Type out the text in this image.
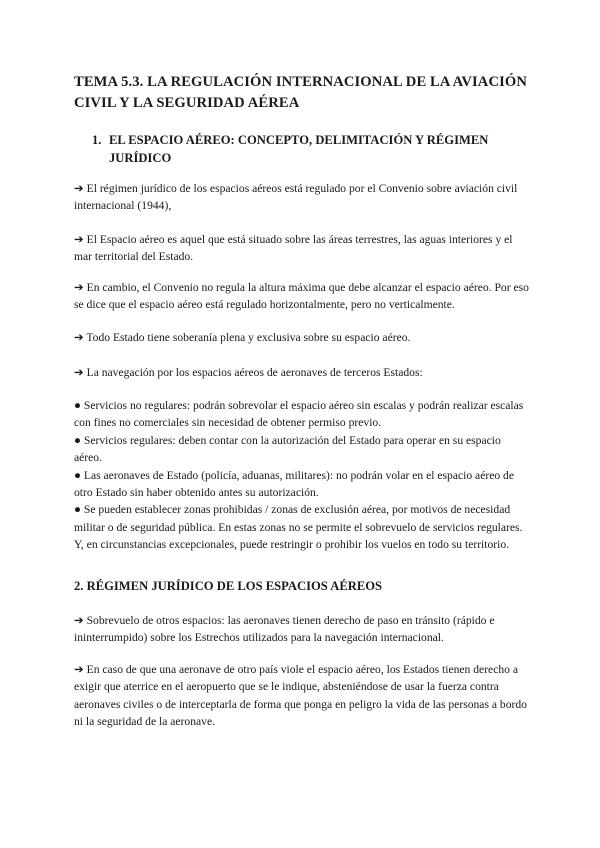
TEMA 5.3. LA REGULACIÓN INTERNACIONAL DE LA AVIACIÓN CIVIL Y LA SEGURIDAD AÉREA
1. EL ESPACIO AÉREO: CONCEPTO, DELIMITACIÓN Y RÉGIMEN JURÍDICO
➔ El régimen jurídico de los espacios aéreos está regulado por el Convenio sobre aviación civil internacional (1944),
➔ El Espacio aéreo es aquel que está situado sobre las áreas terrestres, las aguas interiores y el mar territorial del Estado.
➔ En cambio, el Convenio no regula la altura máxima que debe alcanzar el espacio aéreo. Por eso se dice que el espacio aéreo está regulado horizontalmente, pero no verticalmente.
➔ Todo Estado tiene soberanía plena y exclusiva sobre su espacio aéreo.
➔ La navegación por los espacios aéreos de aeronaves de terceros Estados:
● Servicios no regulares: podrán sobrevolar el espacio aéreo sin escalas y podrán realizar escalas con fines no comerciales sin necesidad de obtener permiso previo.
● Servicios regulares: deben contar con la autorización del Estado para operar en su espacio aéreo.
● Las aeronaves de Estado (policía, aduanas, militares): no podrán volar en el espacio aéreo de otro Estado sin haber obtenido antes su autorización.
● Se pueden establecer zonas prohibidas / zonas de exclusión aérea, por motivos de necesidad militar o de seguridad pública. En estas zonas no se permite el sobrevuelo de servicios regulares. Y, en circunstancias excepcionales, puede restringir o prohibir los vuelos en todo su territorio.
2. RÉGIMEN JURÍDICO DE LOS ESPACIOS AÉREOS
➔ Sobrevuelo de otros espacios: las aeronaves tienen derecho de paso en tránsito (rápido e ininterrumpido) sobre los Estrechos utilizados para la navegación internacional.
➔ En caso de que una aeronave de otro país viole el espacio aéreo, los Estados tienen derecho a exigir que aterrice en el aeropuerto que se le indique, absteniéndose de usar la fuerza contra aeronaves civiles o de interceptarla de forma que ponga en peligro la vida de las personas a bordo ni la seguridad de la aeronave.
